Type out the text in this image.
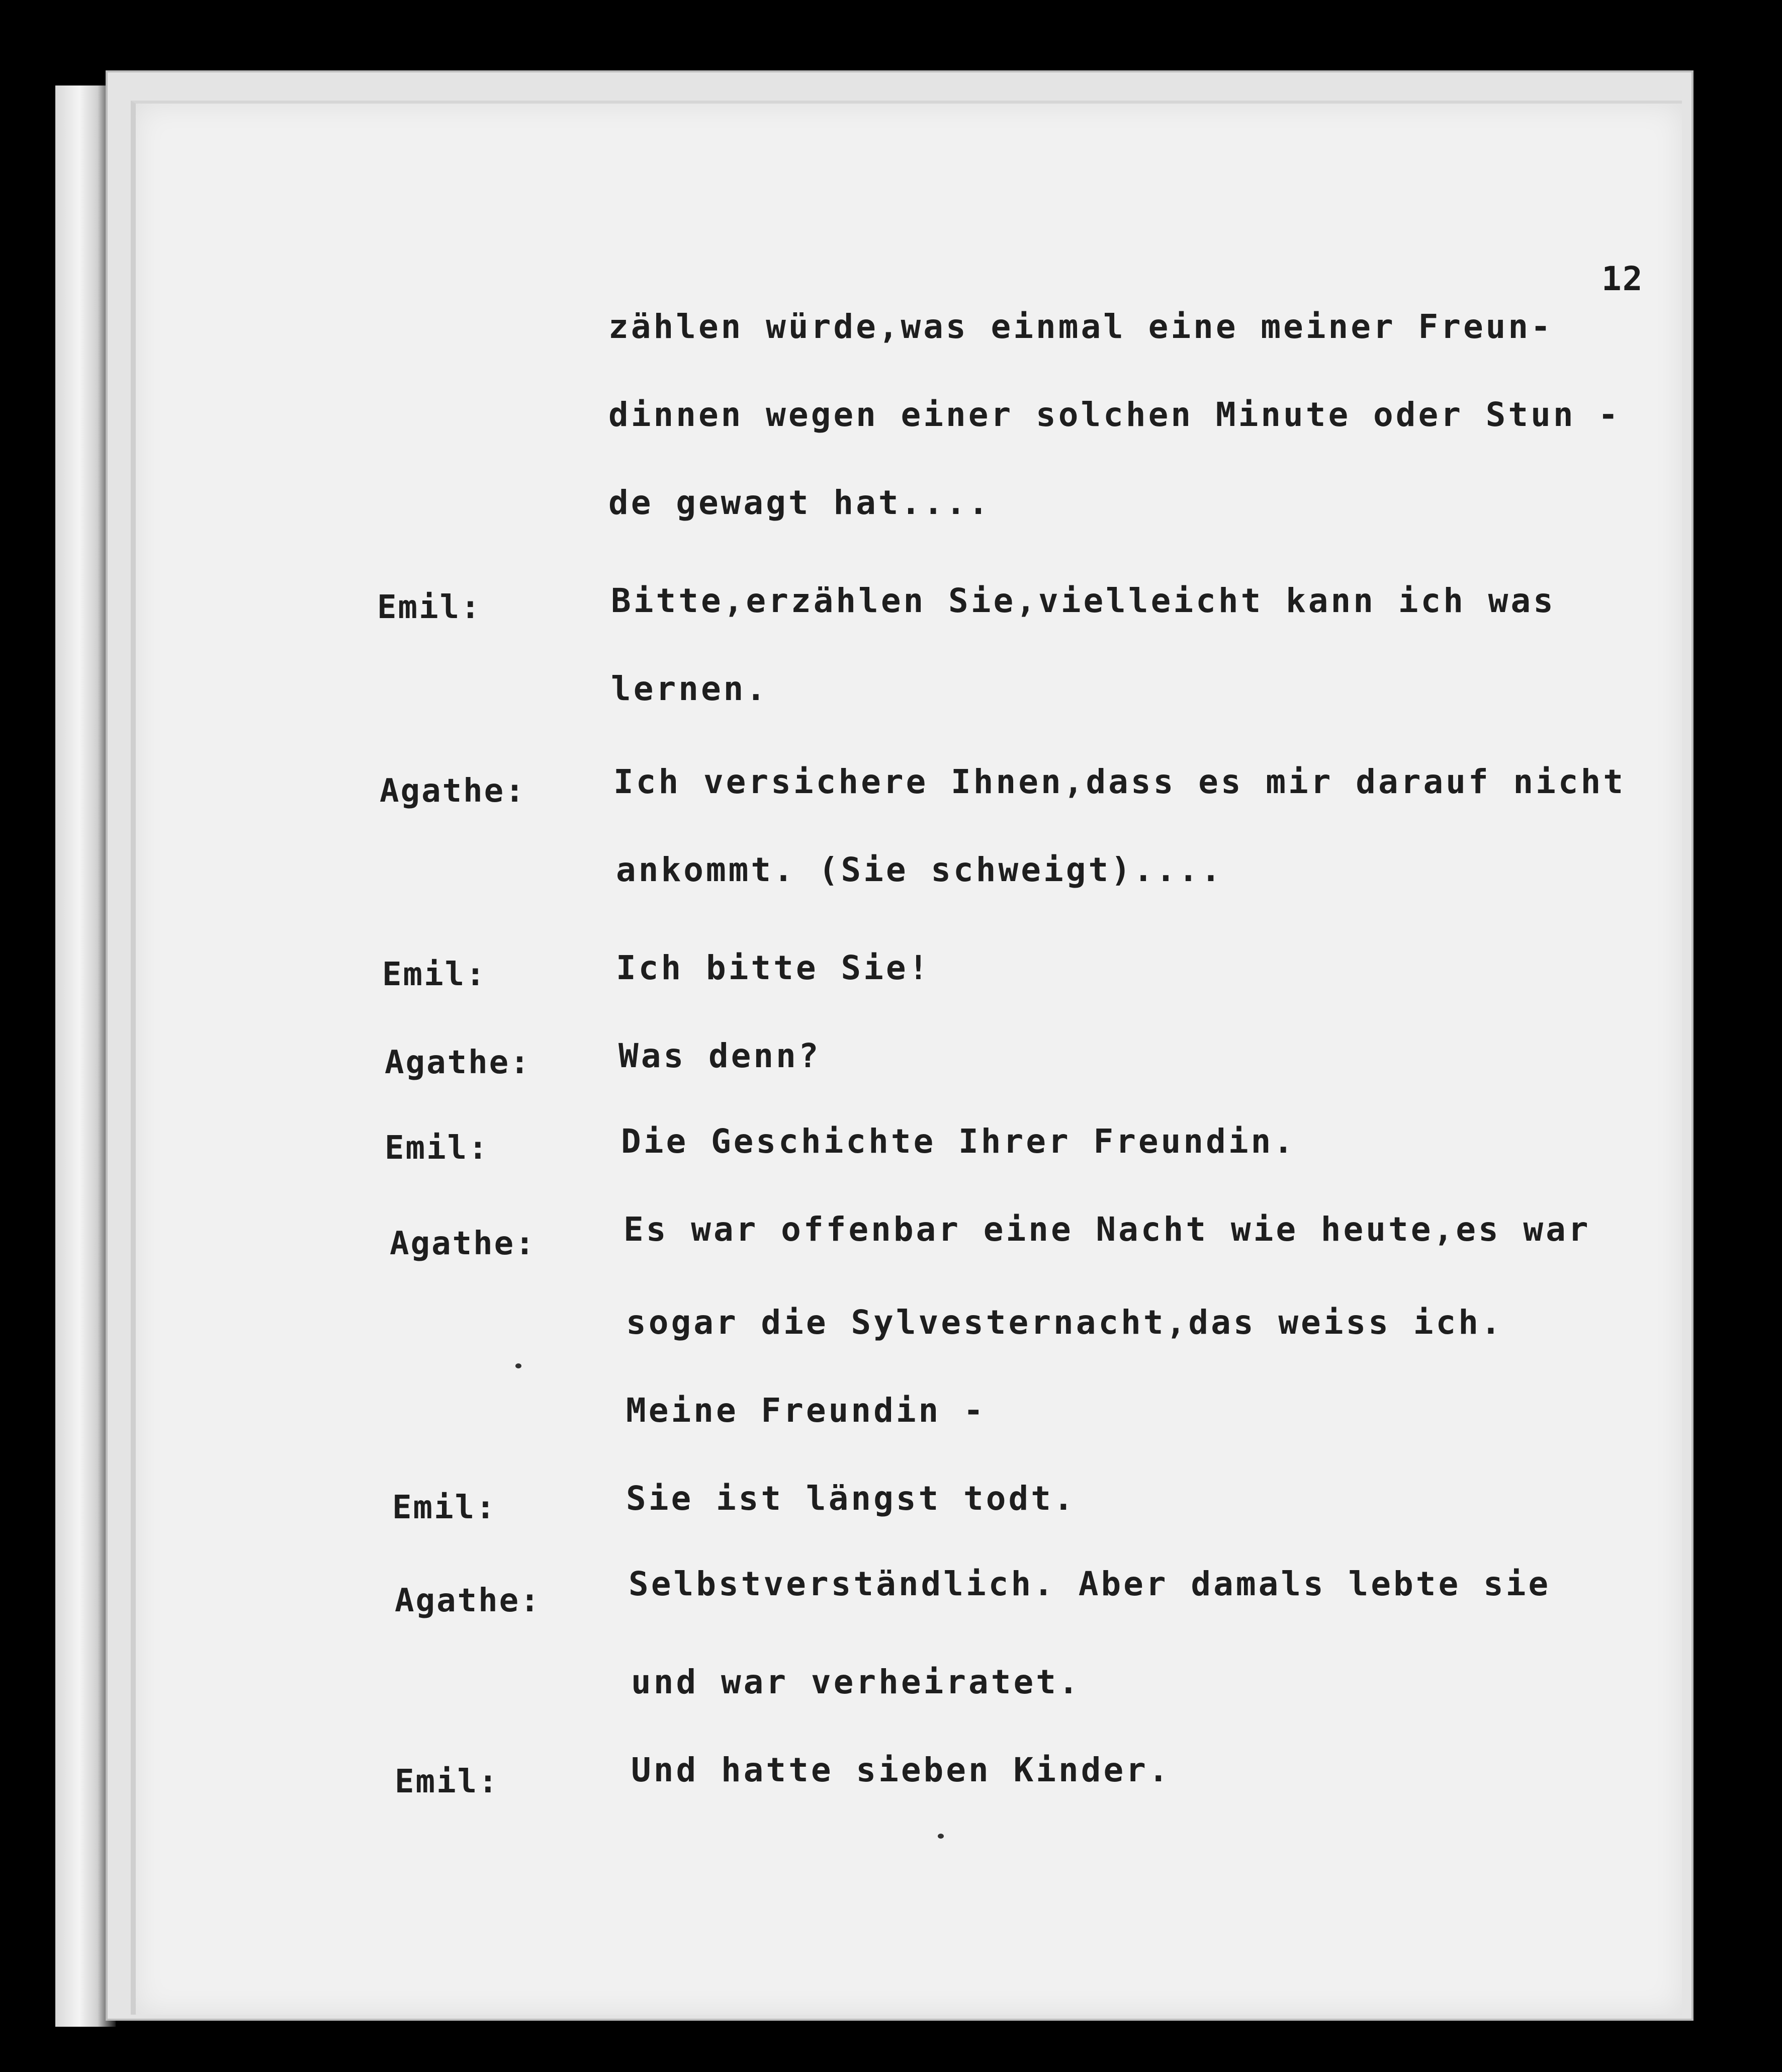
12
zählen würde,was einmal eine meiner Freun-
dinnen wegen einer solchen Minute oder Stun -
de gewagt hat....
Emil:	Bitte,erzählen Sie,vielleicht kann ich was
lernen.
Agathe:	Ich versichere Ihnen,dass es mir darauf nicht
ankommt. (Sie schweigt)....
Emil:	Ich bitte Sie!
Agathe:	Was denn?
Emil:	Die Geschichte Ihrer Freundin.
Agathe:	Es war offenbar eine Nacht wie heute,es war
sogar die Sylvesternacht,das weiss ich.
Meine Freundin -
Emil:	Sie ist längst todt.
Agathe:	Selbstverständlich. Aber damals lebte sie
und war verheiratet.
Emil:	Und hatte sieben Kinder.
